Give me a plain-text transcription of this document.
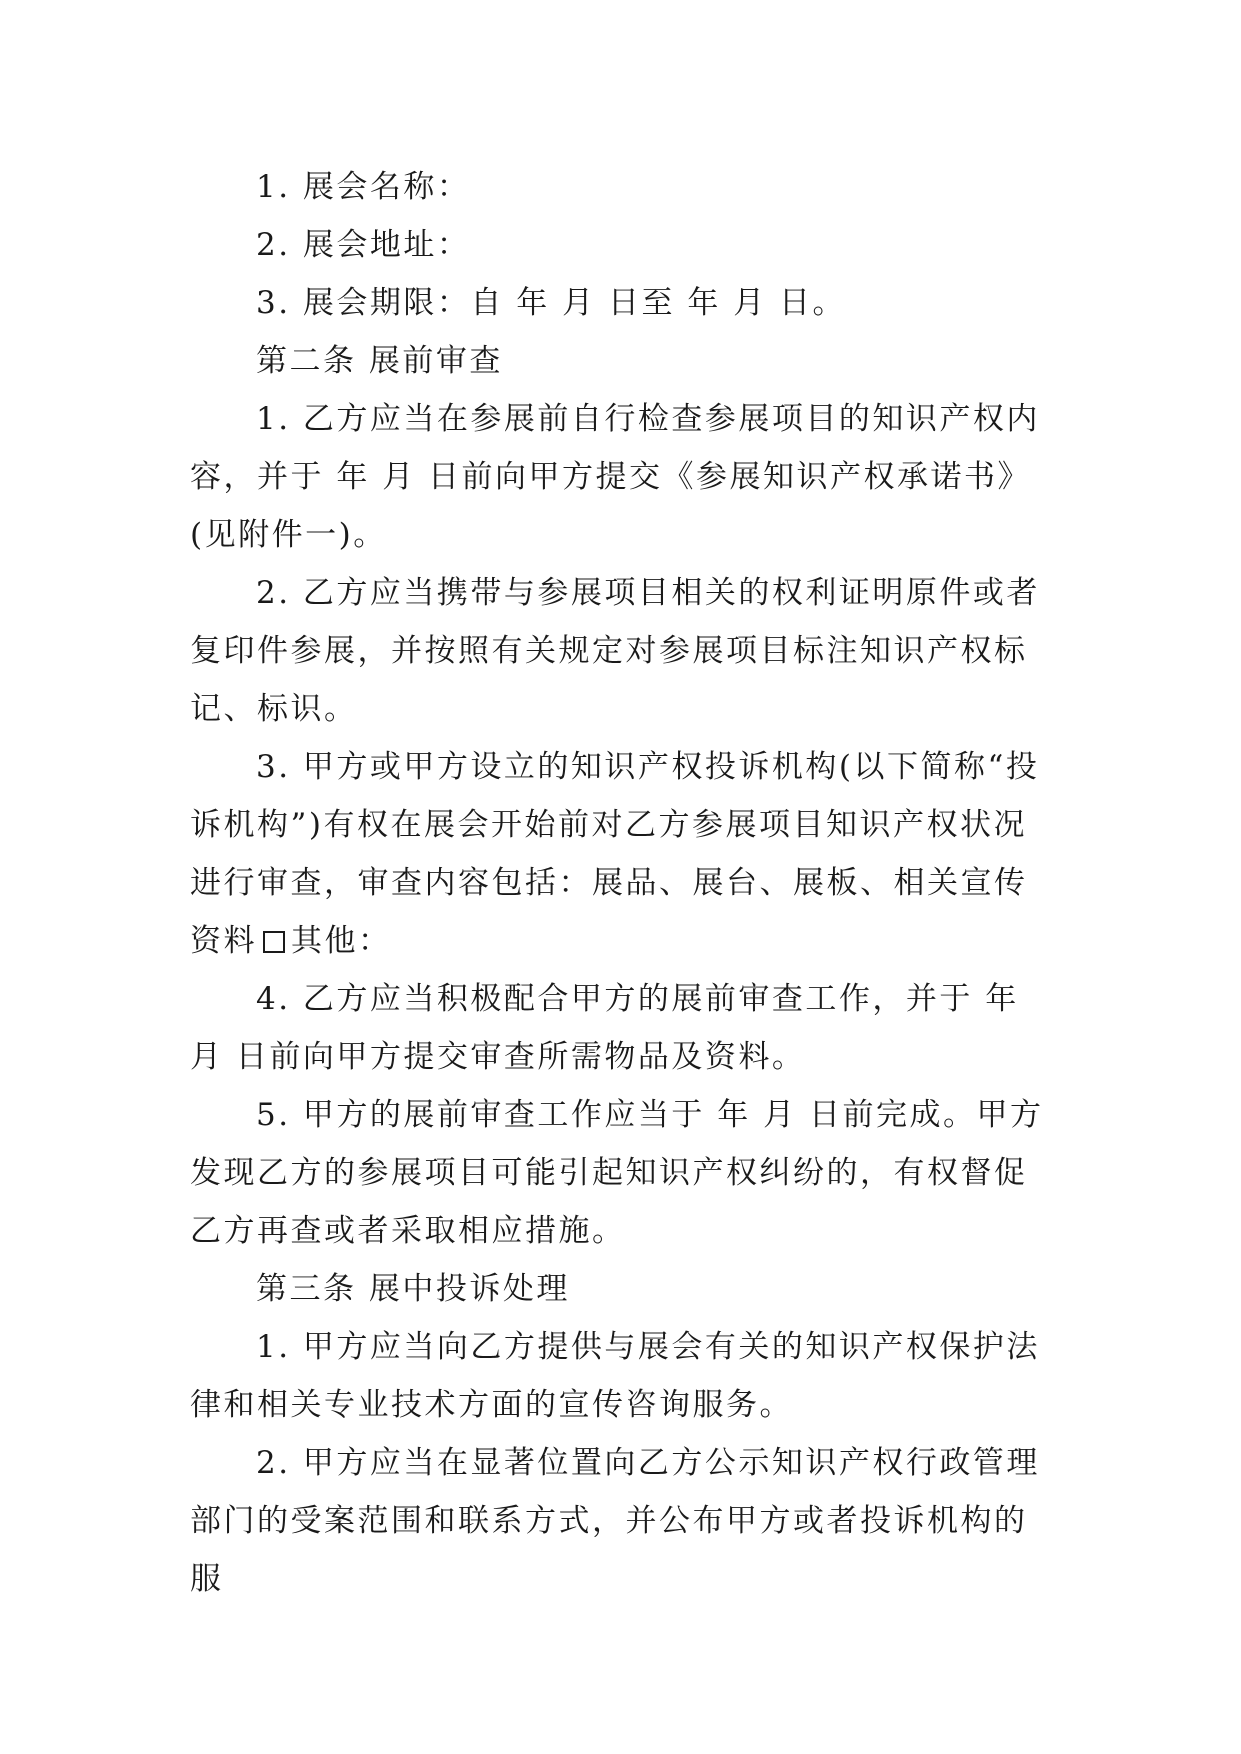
1. 展会名称：

2. 展会地址：

3. 展会期限：自 年 月 日至 年 月 日。

第二条 展前审查

1. 乙方应当在参展前自行检查参展项目的知识产权内容，并于 年 月 日前向甲方提交《参展知识产权承诺书》(见附件一)。

2. 乙方应当携带与参展项目相关的权利证明原件或者复印件参展，并按照有关规定对参展项目标注知识产权标记、标识。

3. 甲方或甲方设立的知识产权投诉机构(以下简称“投诉机构”)有权在展会开始前对乙方参展项目知识产权状况进行审查，审查内容包括：展品、展台、展板、相关宣传资料 其他：

4. 乙方应当积极配合甲方的展前审查工作，并于 年 月 日前向甲方提交审查所需物品及资料。

5. 甲方的展前审查工作应当于 年 月 日前完成。甲方发现乙方的参展项目可能引起知识产权纠纷的，有权督促乙方再查或者采取相应措施。

第三条 展中投诉处理

1. 甲方应当向乙方提供与展会有关的知识产权保护法律和相关专业技术方面的宣传咨询服务。

2. 甲方应当在显著位置向乙方公示知识产权行政管理部门的受案范围和联系方式，并公布甲方或者投诉机构的服
